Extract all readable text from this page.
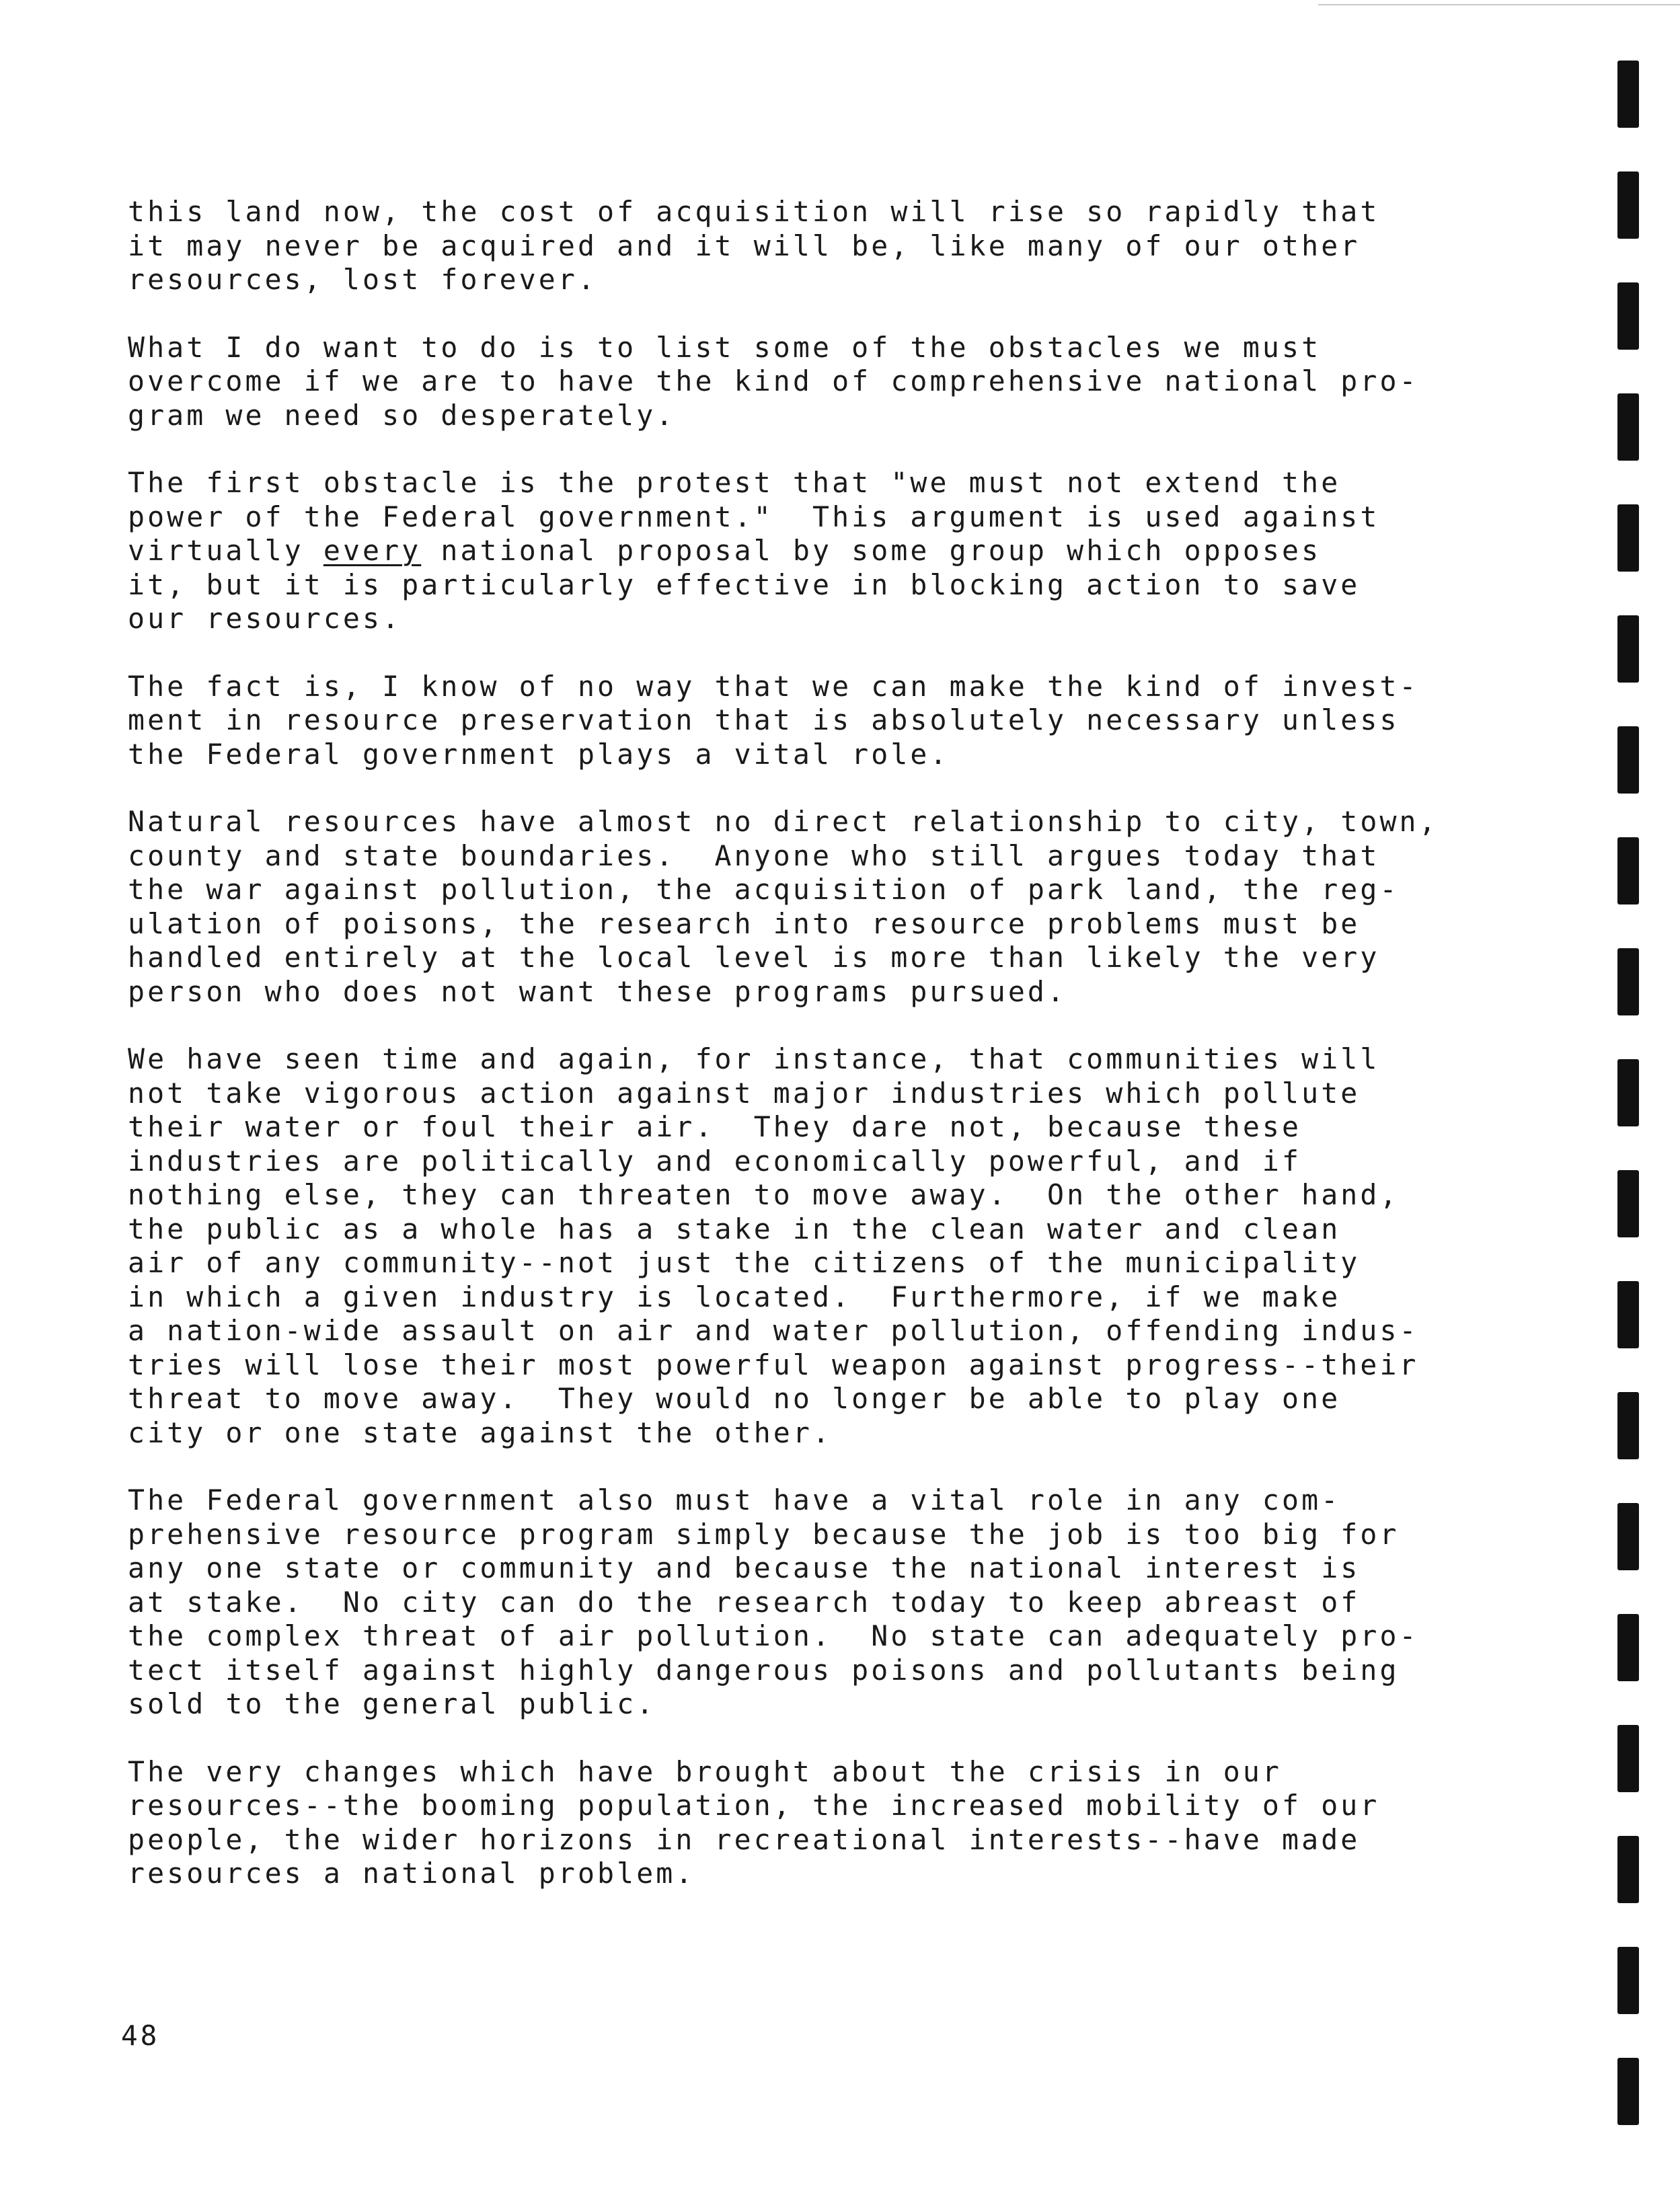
this land now, the cost of acquisition will rise so rapidly that
it may never be acquired and it will be, like many of our other
resources, lost forever.
What I do want to do is to list some of the obstacles we must
overcome if we are to have the kind of comprehensive national pro-
gram we need so desperately.
The first obstacle is the protest that "we must not extend the
power of the Federal government."  This argument is used against
virtually every national proposal by some group which opposes
it, but it is particularly effective in blocking action to save
our resources.
The fact is, I know of no way that we can make the kind of invest-
ment in resource preservation that is absolutely necessary unless
the Federal government plays a vital role.
Natural resources have almost no direct relationship to city, town,
county and state boundaries.  Anyone who still argues today that
the war against pollution, the acquisition of park land, the reg-
ulation of poisons, the research into resource problems must be
handled entirely at the local level is more than likely the very
person who does not want these programs pursued.
We have seen time and again, for instance, that communities will
not take vigorous action against major industries which pollute
their water or foul their air.  They dare not, because these
industries are politically and economically powerful, and if
nothing else, they can threaten to move away.  On the other hand,
the public as a whole has a stake in the clean water and clean
air of any community--not just the citizens of the municipality
in which a given industry is located.  Furthermore, if we make
a nation-wide assault on air and water pollution, offending indus-
tries will lose their most powerful weapon against progress--their
threat to move away.  They would no longer be able to play one
city or one state against the other.
The Federal government also must have a vital role in any com-
prehensive resource program simply because the job is too big for
any one state or community and because the national interest is
at stake.  No city can do the research today to keep abreast of
the complex threat of air pollution.  No state can adequately pro-
tect itself against highly dangerous poisons and pollutants being
sold to the general public.
The very changes which have brought about the crisis in our
resources--the booming population, the increased mobility of our
people, the wider horizons in recreational interests--have made
resources a national problem.
48
